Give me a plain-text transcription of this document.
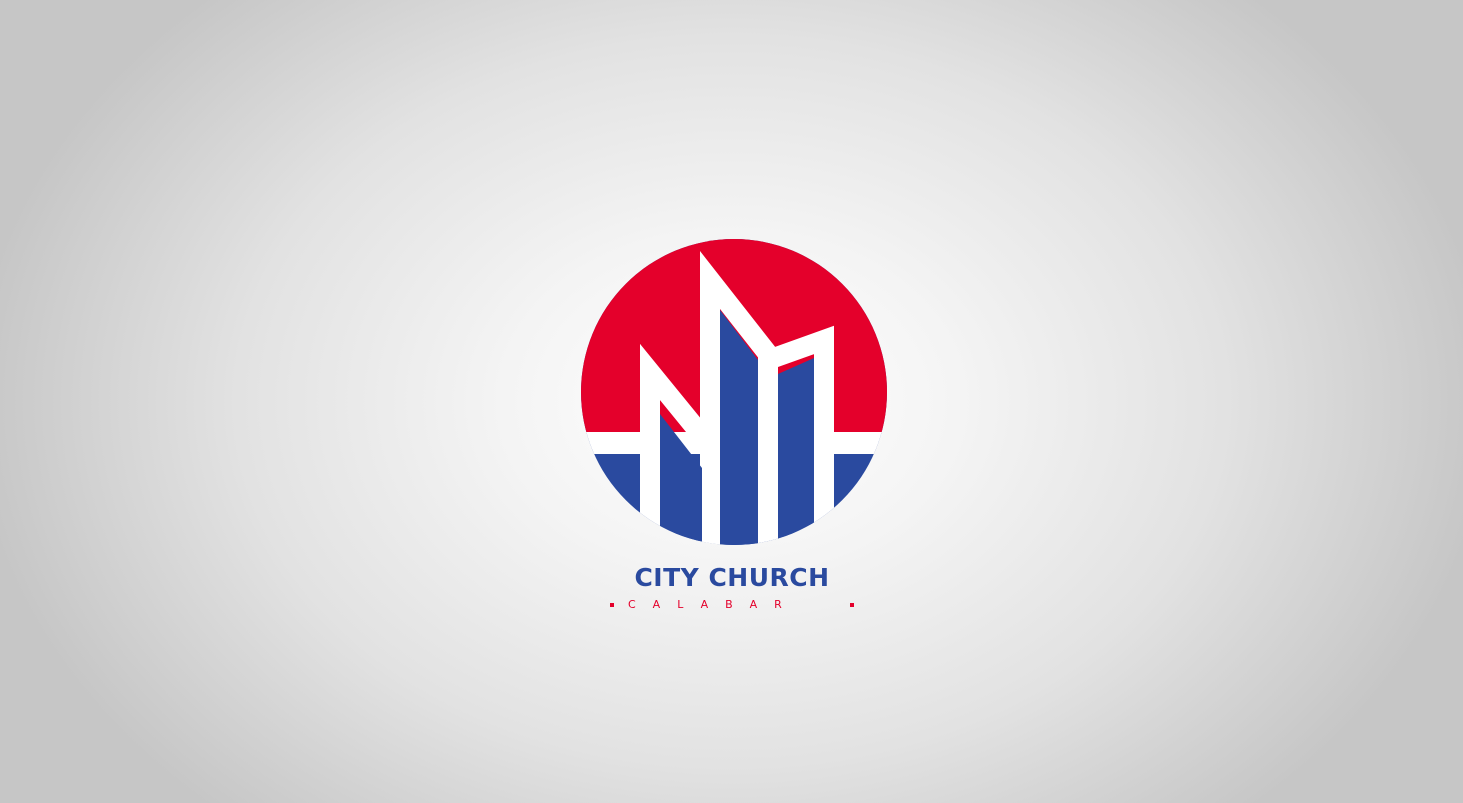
CITY CHURCH
CALABAR
